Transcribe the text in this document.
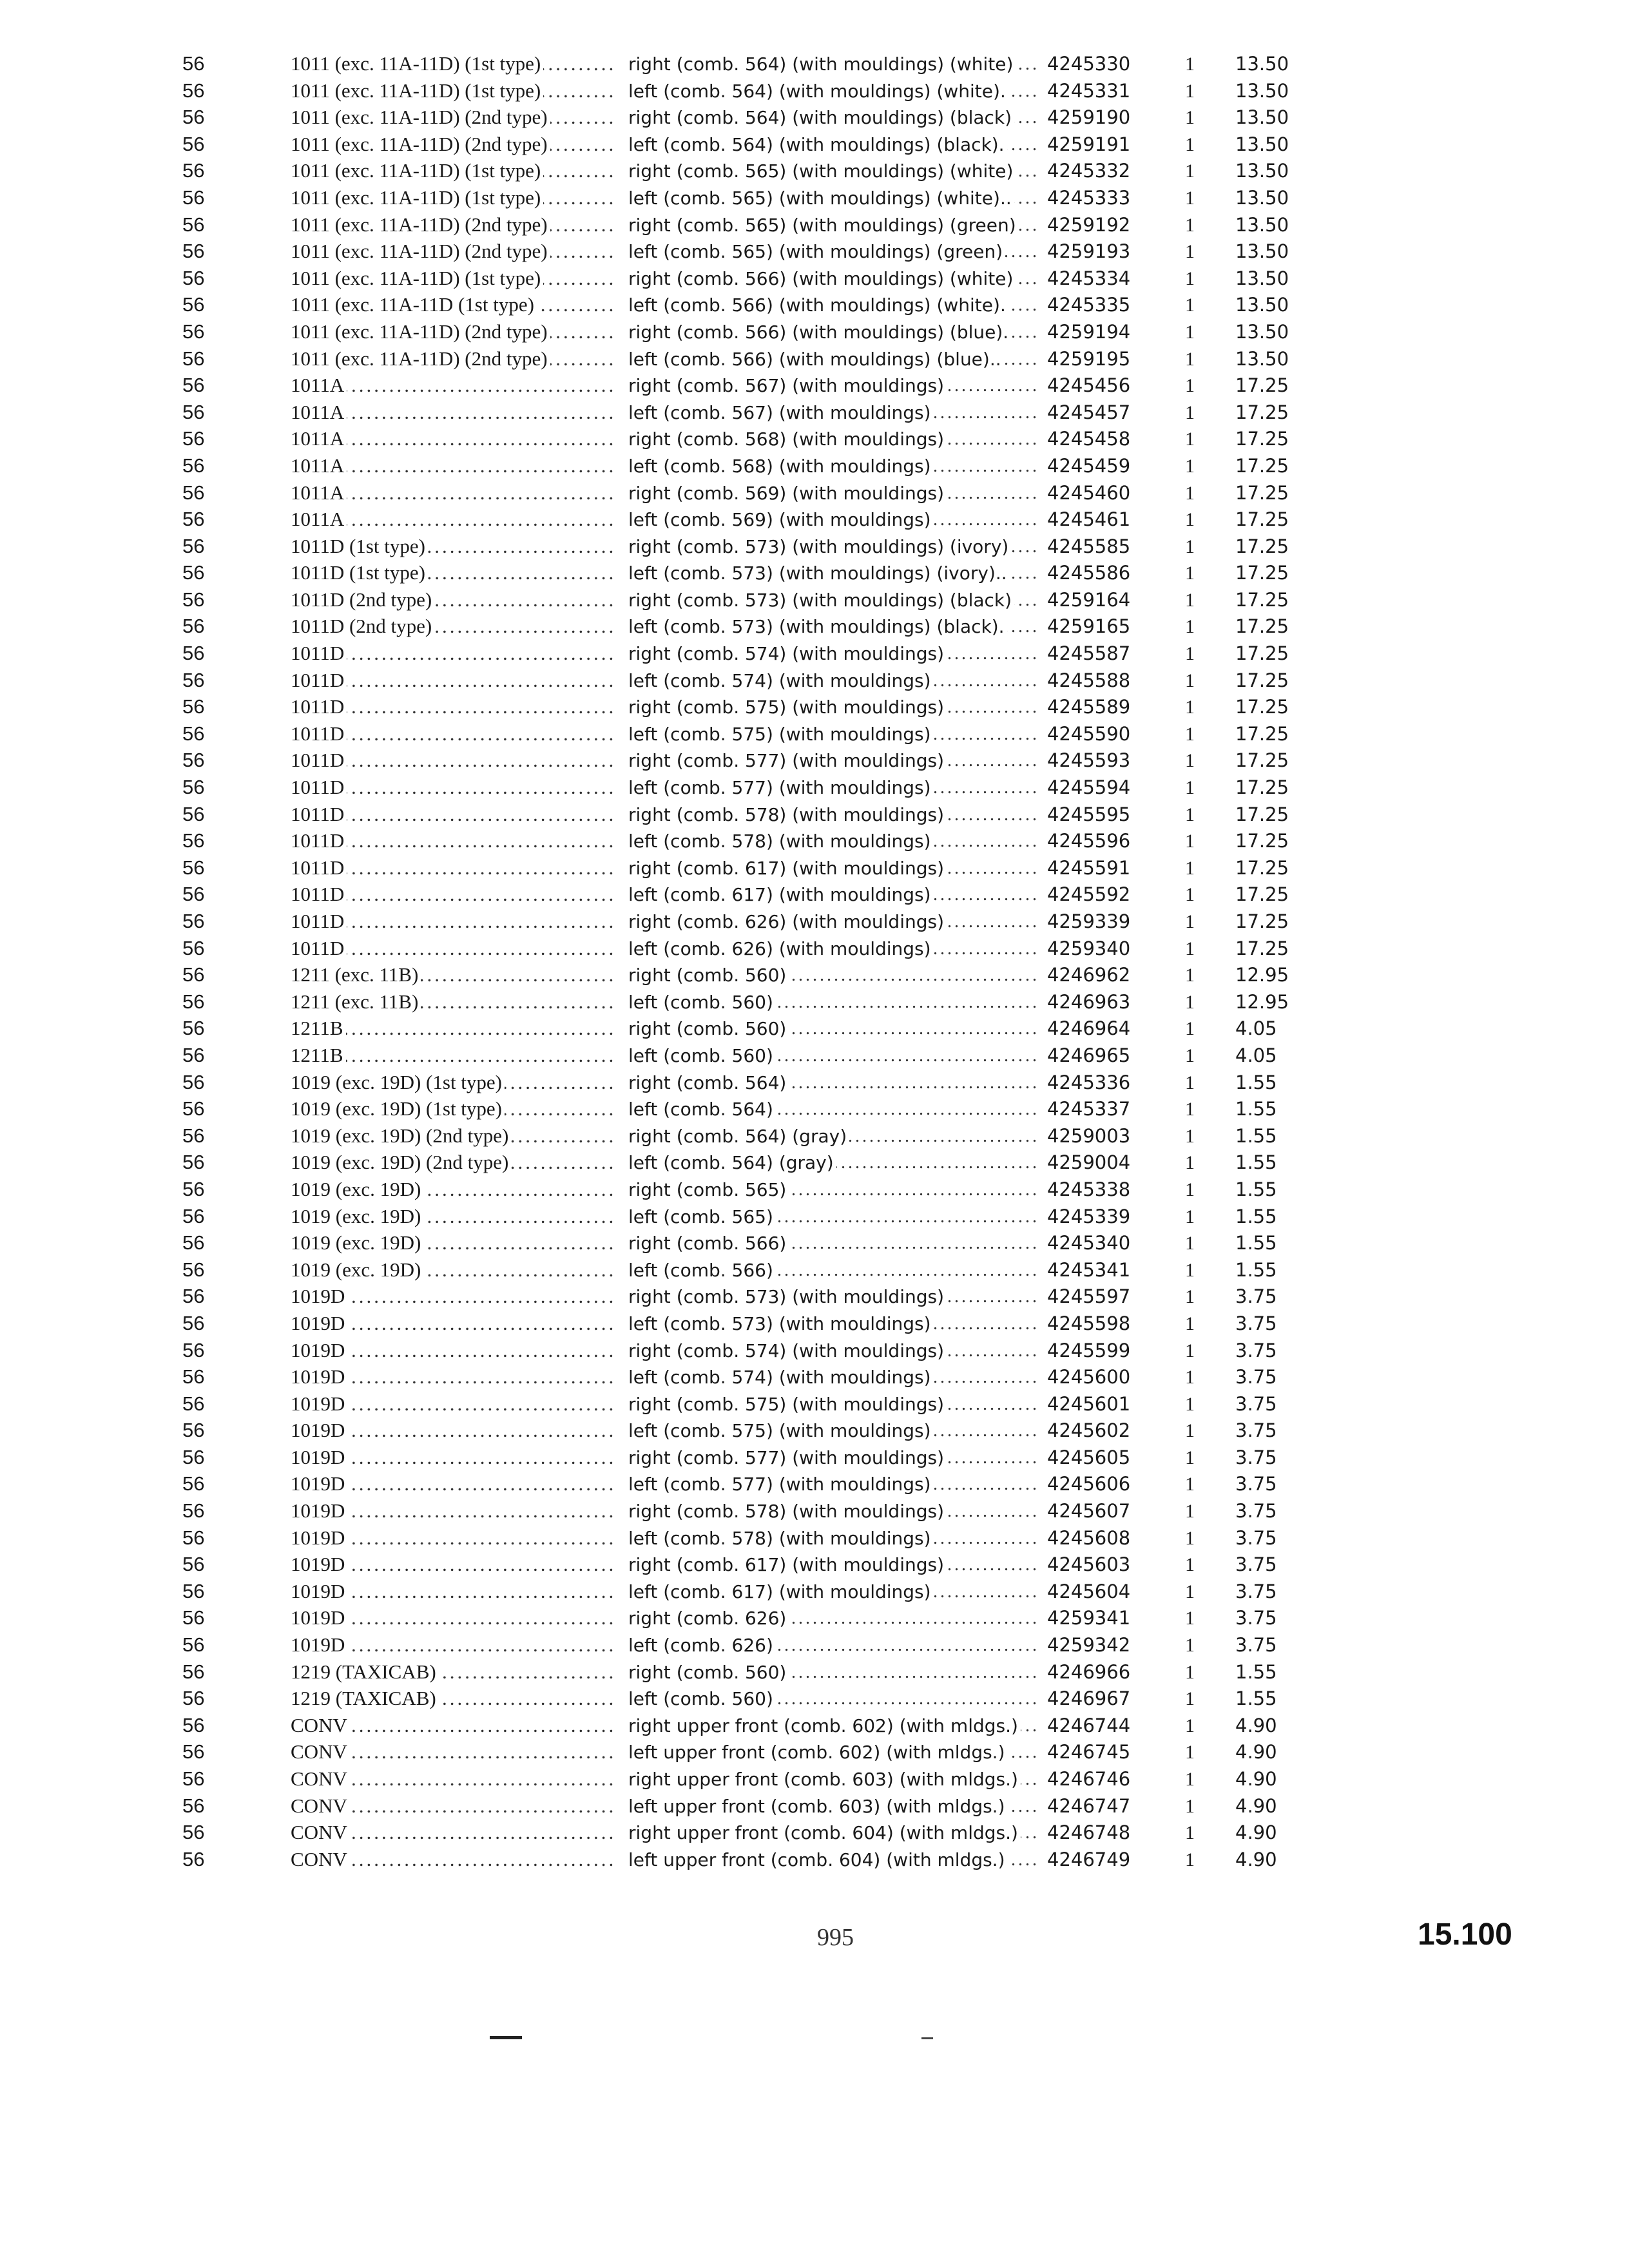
56	1011 (exc. 11A-11D) (1st type) .....	right (comb. 564) (with mouldings) (white) .....	4245330	1	13.50
56	1011 (exc. 11A-11D) (1st type) .....	left (comb. 564) (with mouldings) (white). .....	4245331	1	13.50
56	1011 (exc. 11A-11D) (2nd type) .....	right (comb. 564) (with mouldings) (black) .....	4259190	1	13.50
56	1011 (exc. 11A-11D) (2nd type) .....	left (comb. 564) (with mouldings) (black). .....	4259191	1	13.50
56	1011 (exc. 11A-11D) (1st type) .....	right (comb. 565) (with mouldings) (white) .....	4245332	1	13.50
56	1011 (exc. 11A-11D) (1st type) .....	left (comb. 565) (with mouldings) (white).. .....	4245333	1	13.50
56	1011 (exc. 11A-11D) (2nd type) .....	right (comb. 565) (with mouldings) (green) .....	4259192	1	13.50
56	1011 (exc. 11A-11D) (2nd type) .....	left (comb. 565) (with mouldings) (green) .....	4259193	1	13.50
56	1011 (exc. 11A-11D) (1st type) .....	right (comb. 566) (with mouldings) (white) .....	4245334	1	13.50
56	1011 (exc. 11A-11D (1st type) .....	left (comb. 566) (with mouldings) (white). .....	4245335	1	13.50
56	1011 (exc. 11A-11D) (2nd type) .....	right (comb. 566) (with mouldings) (blue). .....	4259194	1	13.50
56	1011 (exc. 11A-11D) (2nd type) .....	left (comb. 566) (with mouldings) (blue).. .....	4259195	1	13.50
56	1011A .....	right (comb. 567) (with mouldings) .....	4245456	1	17.25
56	1011A .....	left (comb. 567) (with mouldings) .....	4245457	1	17.25
56	1011A .....	right (comb. 568) (with mouldings) .....	4245458	1	17.25
56	1011A .....	left (comb. 568) (with mouldings) .....	4245459	1	17.25
56	1011A .....	right (comb. 569) (with mouldings) .....	4245460	1	17.25
56	1011A .....	left (comb. 569) (with mouldings) .....	4245461	1	17.25
56	1011D (1st type) .....	right (comb. 573) (with mouldings) (ivory) .....	4245585	1	17.25
56	1011D (1st type) .....	left (comb. 573) (with mouldings) (ivory).. .....	4245586	1	17.25
56	1011D (2nd type) .....	right (comb. 573) (with mouldings) (black) .....	4259164	1	17.25
56	1011D (2nd type) .....	left (comb. 573) (with mouldings) (black). .....	4259165	1	17.25
56	1011D .....	right (comb. 574) (with mouldings) .....	4245587	1	17.25
56	1011D .....	left (comb. 574) (with mouldings) .....	4245588	1	17.25
56	1011D .....	right (comb. 575) (with mouldings) .....	4245589	1	17.25
56	1011D .....	left (comb. 575) (with mouldings) .....	4245590	1	17.25
56	1011D .....	right (comb. 577) (with mouldings) .....	4245593	1	17.25
56	1011D .....	left (comb. 577) (with mouldings) .....	4245594	1	17.25
56	1011D .....	right (comb. 578) (with mouldings) .....	4245595	1	17.25
56	1011D .....	left (comb. 578) (with mouldings) .....	4245596	1	17.25
56	1011D .....	right (comb. 617) (with mouldings) .....	4245591	1	17.25
56	1011D .....	left (comb. 617) (with mouldings) .....	4245592	1	17.25
56	1011D .....	right (comb. 626) (with mouldings) .....	4259339	1	17.25
56	1011D .....	left (comb. 626) (with mouldings) .....	4259340	1	17.25
56	1211 (exc. 11B) .....	right (comb. 560) .....	4246962	1	12.95
56	1211 (exc. 11B) .....	left (comb. 560) .....	4246963	1	12.95
56	1211B .....	right (comb. 560) .....	4246964	1	4.05
56	1211B .....	left (comb. 560) .....	4246965	1	4.05
56	1019 (exc. 19D) (1st type) .....	right (comb. 564) .....	4245336	1	1.55
56	1019 (exc. 19D) (1st type) .....	left (comb. 564) .....	4245337	1	1.55
56	1019 (exc. 19D) (2nd type) .....	right (comb. 564) (gray) .....	4259003	1	1.55
56	1019 (exc. 19D) (2nd type) .....	left (comb. 564) (gray) .....	4259004	1	1.55
56	1019 (exc. 19D) .....	right (comb. 565) .....	4245338	1	1.55
56	1019 (exc. 19D) .....	left (comb. 565) .....	4245339	1	1.55
56	1019 (exc. 19D) .....	right (comb. 566) .....	4245340	1	1.55
56	1019 (exc. 19D) .....	left (comb. 566) .....	4245341	1	1.55
56	1019D .....	right (comb. 573) (with mouldings) .....	4245597	1	3.75
56	1019D .....	left (comb. 573) (with mouldings) .....	4245598	1	3.75
56	1019D .....	right (comb. 574) (with mouldings) .....	4245599	1	3.75
56	1019D .....	left (comb. 574) (with mouldings) .....	4245600	1	3.75
56	1019D .....	right (comb. 575) (with mouldings) .....	4245601	1	3.75
56	1019D .....	left (comb. 575) (with mouldings) .....	4245602	1	3.75
56	1019D .....	right (comb. 577) (with mouldings) .....	4245605	1	3.75
56	1019D .....	left (comb. 577) (with mouldings) .....	4245606	1	3.75
56	1019D .....	right (comb. 578) (with mouldings) .....	4245607	1	3.75
56	1019D .....	left (comb. 578) (with mouldings) .....	4245608	1	3.75
56	1019D .....	right (comb. 617) (with mouldings) .....	4245603	1	3.75
56	1019D .....	left (comb. 617) (with mouldings) .....	4245604	1	3.75
56	1019D .....	right (comb. 626) .....	4259341	1	3.75
56	1019D .....	left (comb. 626) .....	4259342	1	3.75
56	1219 (TAXICAB) .....	right (comb. 560) .....	4246966	1	1.55
56	1219 (TAXICAB) .....	left (comb. 560) .....	4246967	1	1.55
56	CONV .....	right upper front (comb. 602) (with mldgs.) .....	4246744	1	4.90
56	CONV .....	left upper front (comb. 602) (with mldgs.) .....	4246745	1	4.90
56	CONV .....	right upper front (comb. 603) (with mldgs.) .....	4246746	1	4.90
56	CONV .....	left upper front (comb. 603) (with mldgs.) .....	4246747	1	4.90
56	CONV .....	right upper front (comb. 604) (with mldgs.) .....	4246748	1	4.90
56	CONV .....	left upper front (comb. 604) (with mldgs.) .....	4246749	1	4.90
995	15.100
